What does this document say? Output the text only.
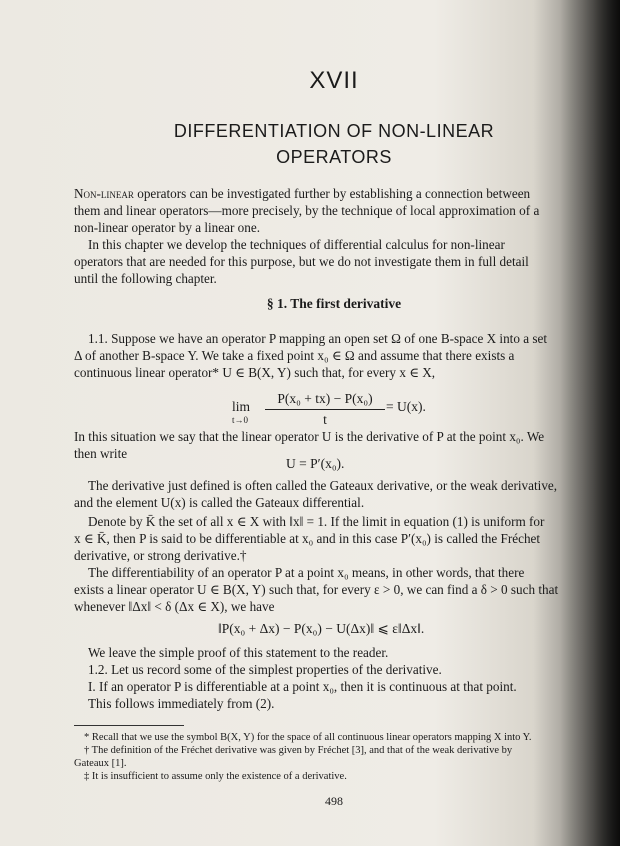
XVII
DIFFERENTIATION OF NON-LINEAR
OPERATORS
Non-linear operators can be investigated further by establishing a connection between
them and linear operators—more precisely, by the technique of local approximation of a
non-linear operator by a linear one.
In this chapter we develop the techniques of differential calculus for non-linear
operators that are needed for this purpose, but we do not investigate them in full detail
until the following chapter.
§ 1. The first derivative
1.1. Suppose we have an operator P mapping an open set Ω of one B-space X into a set
Δ of another B-space Y. We take a fixed point x₀ ∈ Ω and assume that there exists a
continuous linear operator* U ∈ B(X, Y) such that, for every x ∈ X,
lim
$t\to 0 \frac{\text{P(x₀ + tx) − P(x₀)}}{t} = U(x)$.
In this situation we say that the linear operator U is the derivative of P at the point x₀. We
then write
U = P′(x₀).
The derivative just defined is often called the Gateaux derivative, or the weak derivative,
and the element U(x) is called the Gateaux differential.
Denote by K̄ the set of all x ∈ X with ‖x‖ = 1. If the limit in equation (1) is uniform for
x ∈ K̄, then P is said to be differentiable at x₀ and in this case P′(x₀) is called the Fréchet
derivative, or strong derivative.†
The differentiability of an operator P at a point x₀ means, in other words, that there
exists a linear operator U ∈ B(X, Y) such that, for every ε > 0, we can find a δ > 0 such that
whenever ‖Δx‖ < δ (Δx ∈ X), we have
‖P(x₀ + Δx) − P(x₀) − U(Δx)‖ ⩽ ε‖Δx‖.
We leave the simple proof of this statement to the reader.
1.2. Let us record some of the simplest properties of the derivative.
I. If an operator P is differentiable at a point x₀, then it is continuous at that point.
This follows immediately from (2).
* Recall that we use the symbol B(X, Y) for the space of all continuous linear operators mapping X into Y.
† The definition of the Fréchet derivative was given by Fréchet [3], and that of the weak derivative by
Gateaux [1].
‡ It is insufficient to assume only the existence of a derivative.
498
